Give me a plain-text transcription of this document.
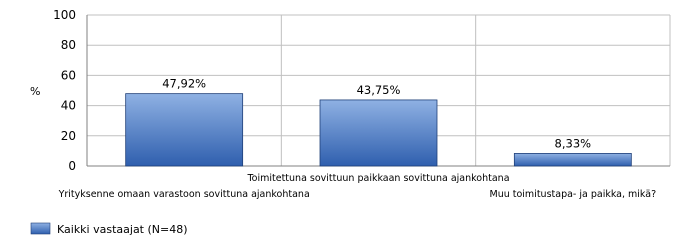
0
20
40
60
80
100
47,92%	43,75%
8,33%
Yrityksenne omaan varastoon sovittuna ajankohtana
Toimitettuna sovittuun paikkaan sovittuna ajankohtana
Muu toimitustapa- ja paikka, mikä?
%
Kaikki vastaajat (N=48)
